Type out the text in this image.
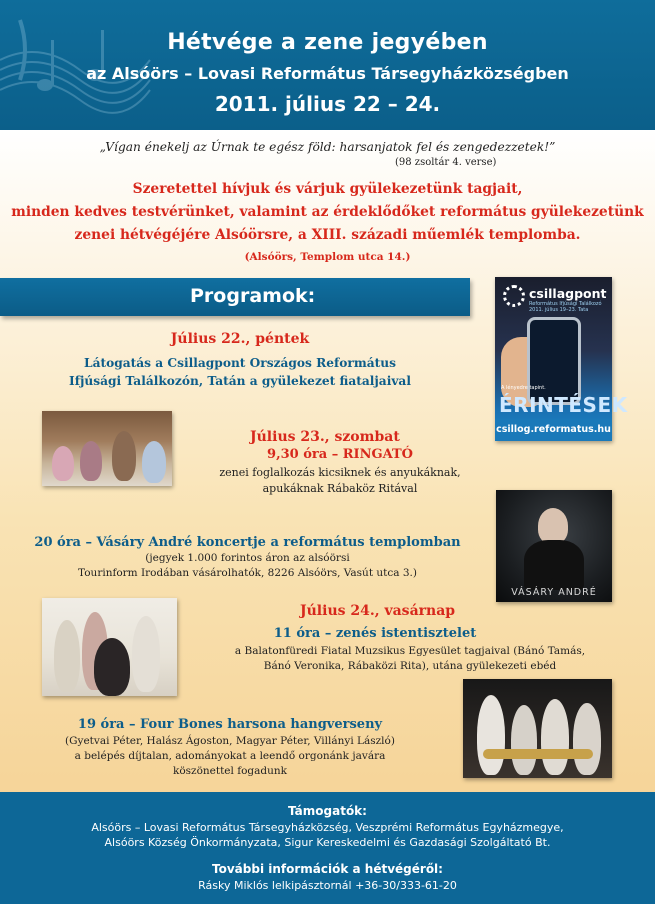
Hétvége a zene jegyében
az Alsóörs – Lovasi Református Társegyházközségben
2011. július 22 – 24.
„Vígan énekelj az Úrnak te egész föld: harsanjatok fel és zengedezzetek!”
(98 zsoltár 4. verse)
Szeretettel hívjuk és várjuk gyülekezetünk tagjait,
minden kedves testvérünket, valamint az érdeklődőket református gyülekezetünk
zenei hétvégéjére Alsóörsre, a XIII. századi műemlék templomba.
(Alsóörs, Templom utca 14.)
Programok:
Július 22., péntek
Látogatás a Csillagpont Országos Református
Ifjúsági Találkozón, Tatán a gyülekezet fiataljaival
csillagpont
Református Ifjúsági Találkozó 2011. július 19–23. Tata
A lényedre tapint.
ÉRINTÉSEK
csillog.reformatus.hu
Július 23., szombat
9,30 óra – RINGATÓ
zenei foglalkozás kicsiknek és anyukáknak,
apukáknak Rábaköz Ritával
20 óra – Vásáry André koncertje a református templomban
(jegyek 1.000 forintos áron az alsóörsi
Tourinform Irodában vásárolhatók, 8226 Alsóörs, Vasút utca 3.)
VÁSÁRY ANDRÉ
Július 24., vasárnap
11 óra – zenés istentisztelet
a Balatonfüredi Fiatal Muzsikus Egyesület tagjaival (Bánó Tamás,
Bánó Veronika, Rábaközi Rita), utána gyülekezeti ebéd
19 óra – Four Bones harsona hangverseny
(Gyetvai Péter, Halász Ágoston, Magyar Péter, Villányi László)
a belépés díjtalan, adományokat a leendő orgonánk javára
köszönettel fogadunk
Támogatók:
Alsóörs – Lovasi Református Társegyházközség, Veszprémi Református Egyházmegye,
Alsóörs Község Önkormányzata, Sigur Kereskedelmi és Gazdasági Szolgáltató Bt.
További információk a hétvégéről:
Rásky Miklós lelkipásztornál +36-30/333-61-20
